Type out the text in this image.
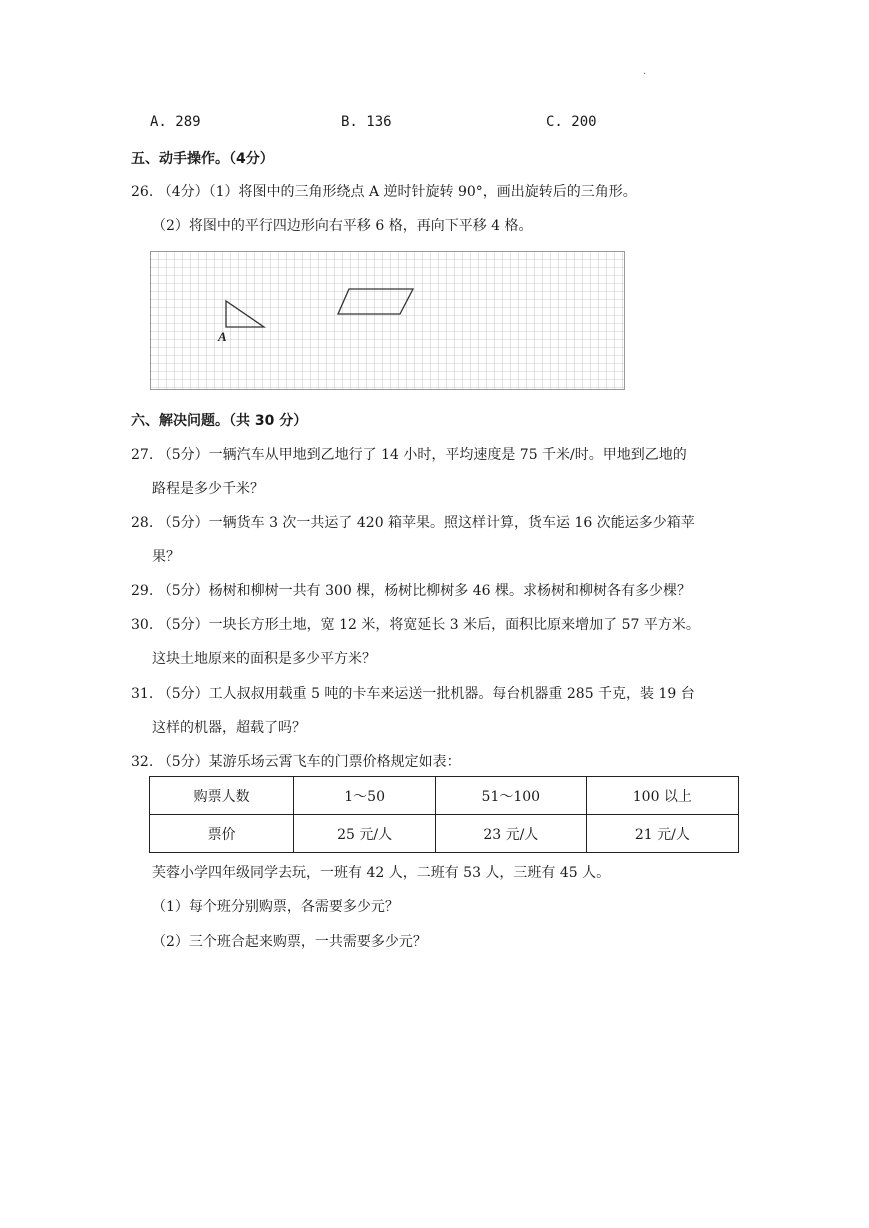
.
A. 289	B. 136	C. 200
五、动手操作。（4分）
26. （4分）（1）将图中的三角形绕点 A 逆时针旋转 90°，画出旋转后的三角形。
（2）将图中的平行四边形向右平移 6 格，再向下平移 4 格。
A
六、解决问题。（共 30 分）
27. （5分）一辆汽车从甲地到乙地行了 14 小时，平均速度是 75 千米/时。甲地到乙地的
路程是多少千米？
28. （5分）一辆货车 3 次一共运了 420 箱苹果。照这样计算，货车运 16 次能运多少箱苹
果？
29. （5分）杨树和柳树一共有 300 棵，杨树比柳树多 46 棵。求杨树和柳树各有多少棵？
30. （5分）一块长方形土地，宽 12 米，将宽延长 3 米后，面积比原来增加了 57 平方米。
这块土地原来的面积是多少平方米？
31. （5分）工人叔叔用载重 5 吨的卡车来运送一批机器。每台机器重 285 千克，装 19 台
这样的机器，超载了吗？
32. （5分）某游乐场云霄飞车的门票价格规定如表：
购票人数	1～50	51～100	100 以上
票价	25 元/人	23 元/人	21 元/人
芙蓉小学四年级同学去玩，一班有 42 人，二班有 53 人，三班有 45 人。
（1）每个班分别购票，各需要多少元？
（2）三个班合起来购票，一共需要多少元？
